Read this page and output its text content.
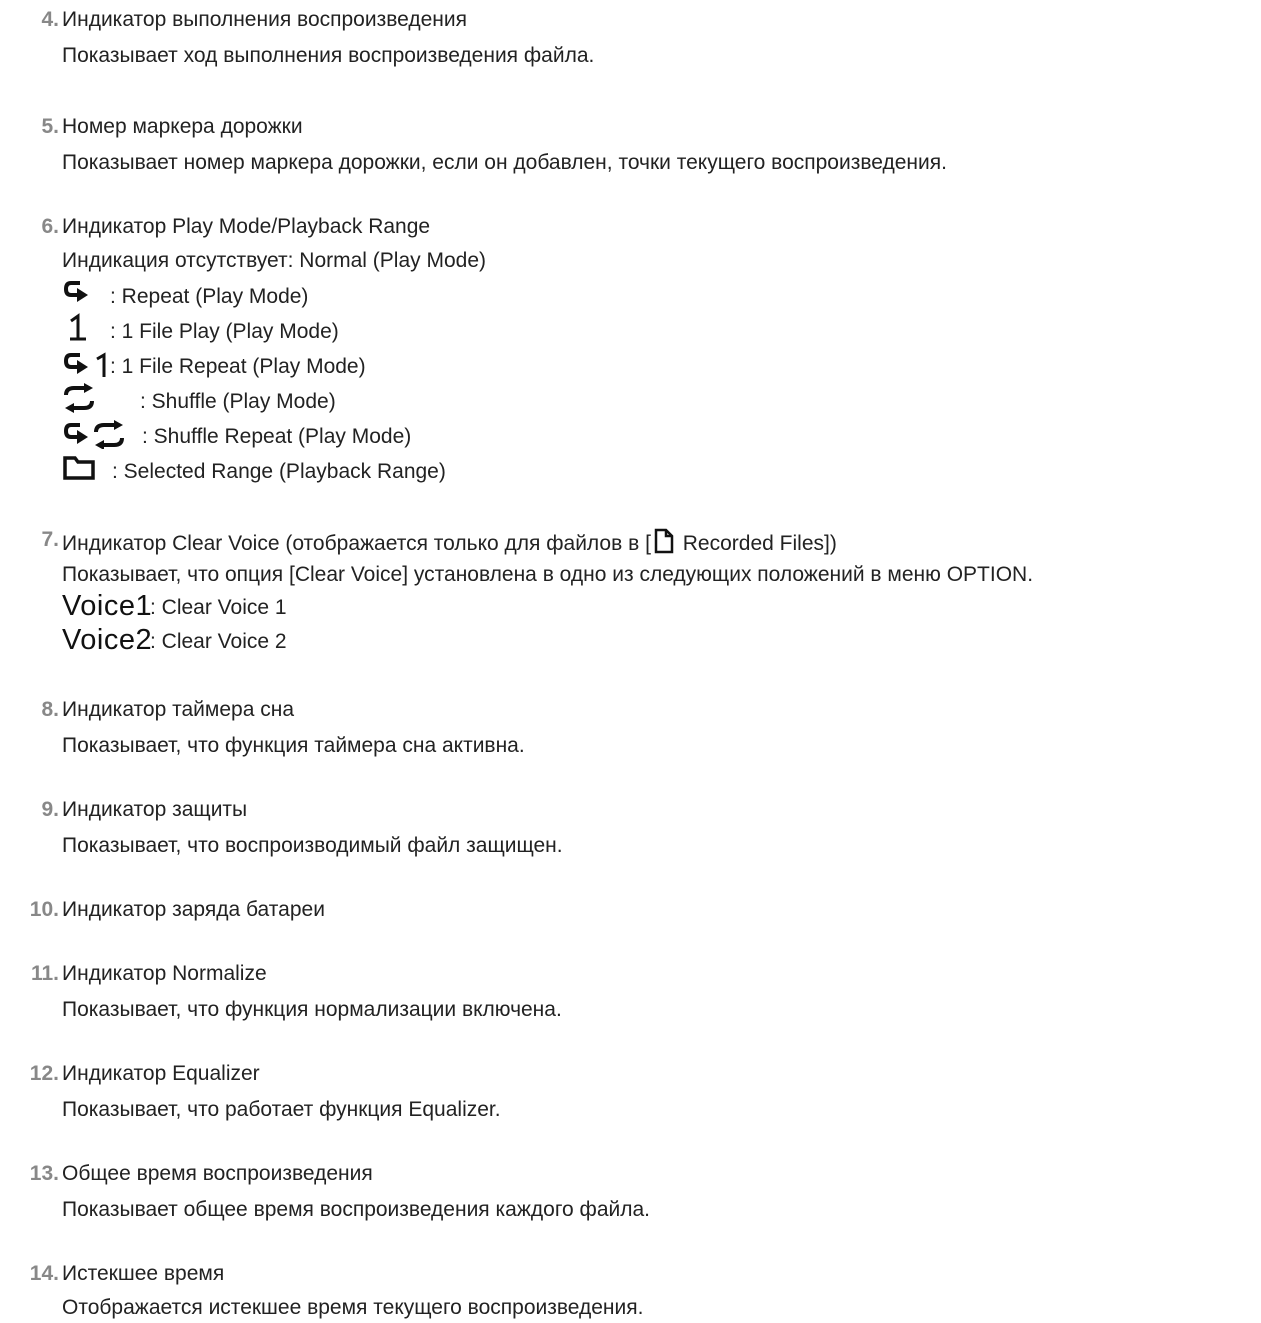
4. Индикатор выполнения воспроизведения
Показывает ход выполнения воспроизведения файла.
5. Номер маркера дорожки
Показывает номер маркера дорожки, если он добавлен, точки текущего воспроизведения.
6. Индикатор Play Mode/Playback Range
Индикация отсутствует: Normal (Play Mode)
: Repeat (Play Mode)
: 1 File Play (Play Mode)
: 1 File Repeat (Play Mode)
: Shuffle (Play Mode)
: Shuffle Repeat (Play Mode)
: Selected Range (Playback Range)
7. Индикатор Clear Voice (отображается только для файлов в [ Recorded Files])
Показывает, что опция [Clear Voice] установлена в одно из следующих положений в меню OPTION.
Voice1
: Clear Voice 1
Voice2
: Clear Voice 2
8. Индикатор таймера сна
Показывает, что функция таймера сна активна.
9. Индикатор защиты
Показывает, что воспроизводимый файл защищен.
10. Индикатор заряда батареи
11. Индикатор Normalize
Показывает, что функция нормализации включена.
12. Индикатор Equalizer
Показывает, что работает функция Equalizer.
13. Общее время воспроизведения
Показывает общее время воспроизведения каждого файла.
14. Истекшее время
Отображается истекшее время текущего воспроизведения.
